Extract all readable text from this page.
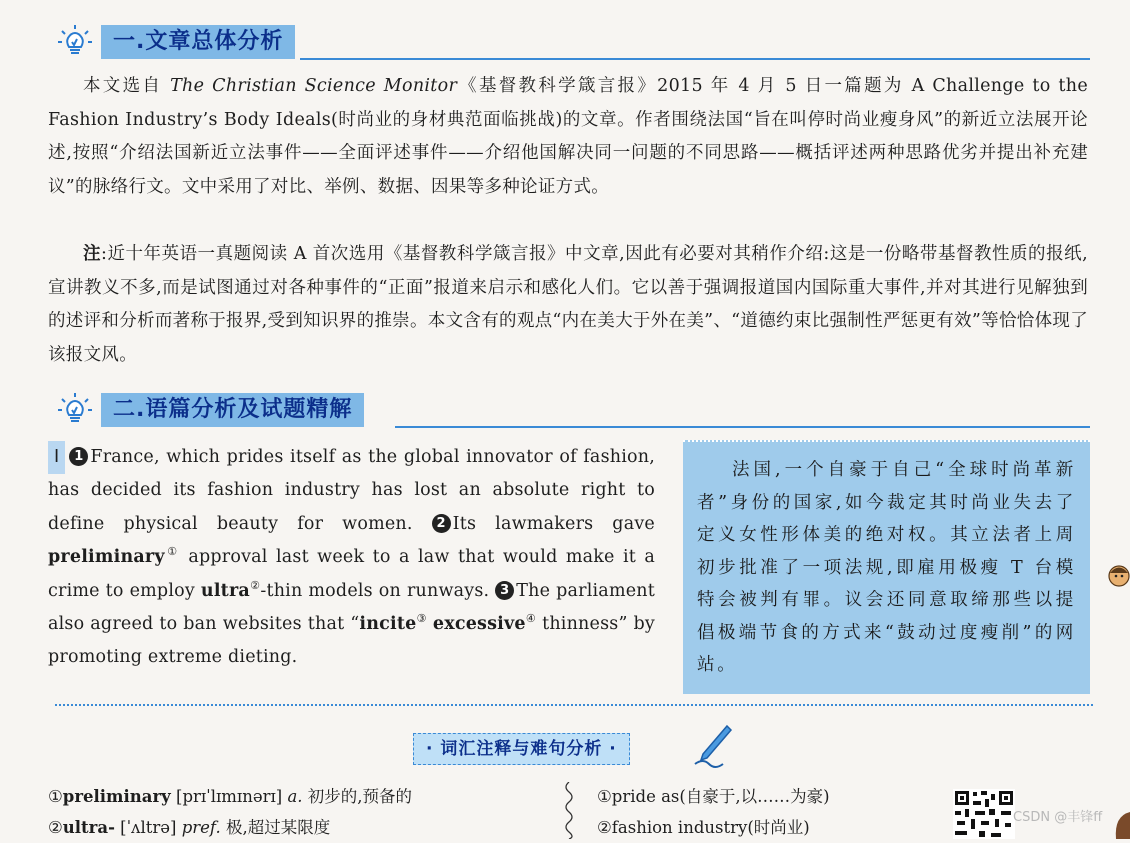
一.文章总体分析

本文选自 The Christian Science Monitor《基督教科学箴言报》2015 年 4 月 5 日一篇题为 A Challenge to the Fashion Industry’s Body Ideals(时尚业的身材典范面临挑战)的文章。作者围绕法国“旨在叫停时尚业瘦身风”的新近立法展开论述,按照“介绍法国新近立法事件——全面评述事件——介绍他国解决同一问题的不同思路——概括评述两种思路优劣并提出补充建议”的脉络行文。文中采用了对比、举例、数据、因果等多种论证方式。

注:近十年英语一真题阅读 A 首次选用《基督教科学箴言报》中文章,因此有必要对其稍作介绍:这是一份略带基督教性质的报纸,宣讲教义不多,而是试图通过对各种事件的“正面”报道来启示和感化人们。它以善于强调报道国内国际重大事件,并对其进行见解独到的述评和分析而著称于报界,受到知识界的推崇。本文含有的观点“内在美大于外在美”、“道德约束比强制性严惩更有效”等恰恰体现了该报文风。

二.语篇分析及试题精解

Ⅰ 1 France, which prides itself as the global innovator of fashion, has decided its fashion industry has lost an absolute right to define physical beauty for women. 2 Its lawmakers gave preliminary① approval last week to a law that would make it a crime to employ ultra②-thin models on runways. 3 The parliament also agreed to ban websites that “incite③ excessive④ thinness” by promoting extreme dieting.

法国,一个自豪于自己“全球时尚革新者”身份的国家,如今裁定其时尚业失去了定义女性形体美的绝对权。其立法者上周初步批准了一项法规,即雇用极瘦 T 台模特会被判有罪。议会还同意取缔那些以提倡极端节食的方式来“鼓动过度瘦削”的网站。

· 词汇注释与难句分析 ·
①preliminary [prɪˈlɪmɪnərɪ] a. 初步的,预备的
②ultra- [ˈʌltrə] pref. 极,超过某限度
①pride as(自豪于,以……为豪)
②fashion industry(时尚业)
CSDN @丰锋ff
